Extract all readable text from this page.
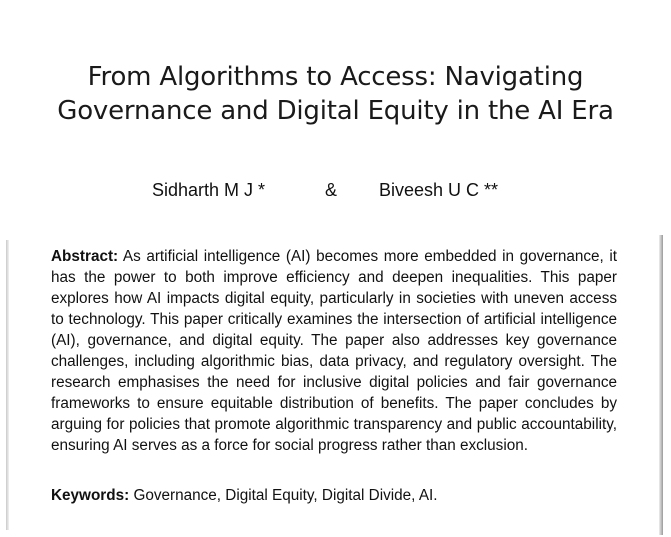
From Algorithms to Access: Navigating
Governance and Digital Equity in the AI Era
Sidharth M J *	& Biveesh U C **
Abstract: As artificial intelligence (AI) becomes more embedded in governance, it has the power to both improve efficiency and deepen inequalities. This paper explores how AI impacts digital equity, particularly in societies with uneven access to technology. This paper critically examines the intersection of artificial intelligence (AI), governance, and digital equity. The paper also addresses key governance challenges, including algorithmic bias, data privacy, and regulatory oversight. The research emphasises the need for inclusive digital policies and fair governance frameworks to ensure equitable distribution of benefits. The paper concludes by arguing for policies that promote algorithmic transparency and public accountability, ensuring AI serves as a force for social progress rather than exclusion.
Keywords: Governance, Digital Equity, Digital Divide, AI.
